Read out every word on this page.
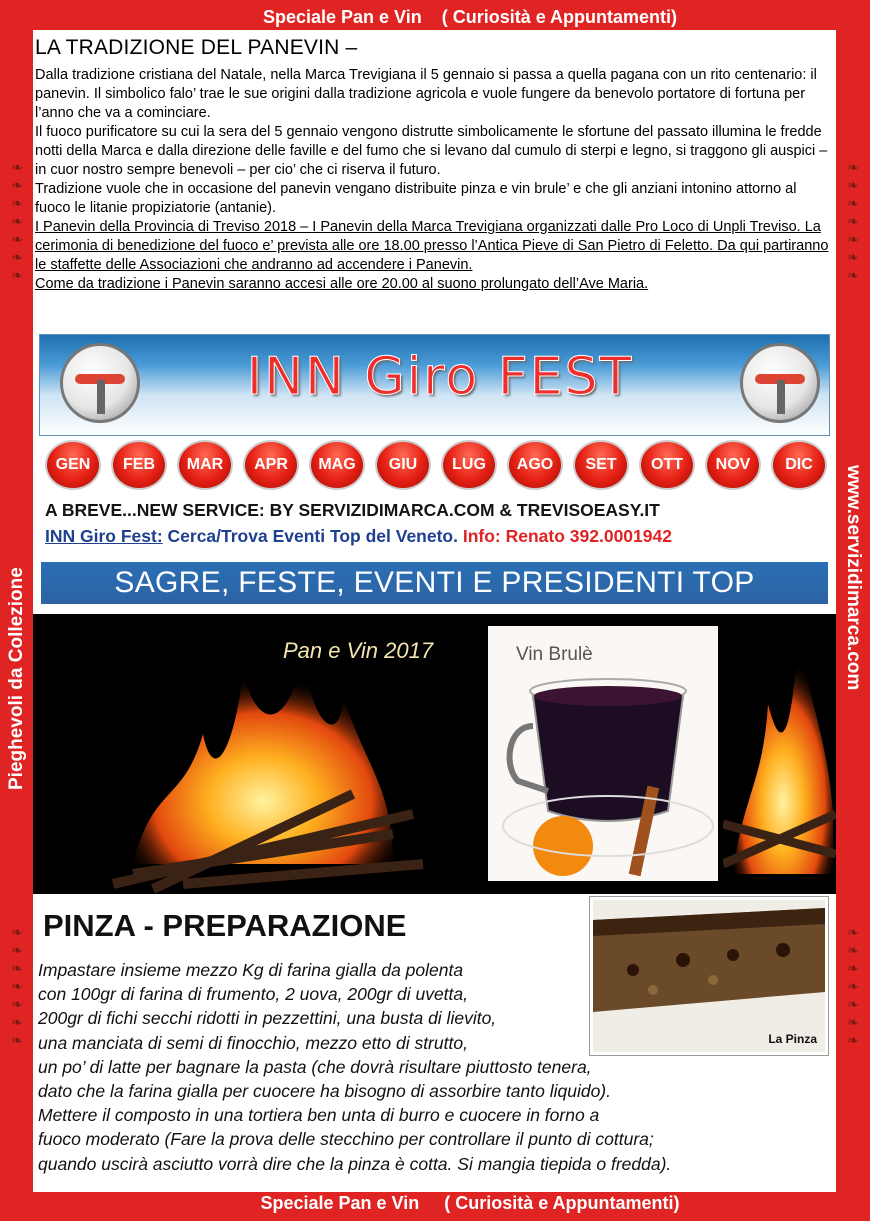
Speciale Pan e Vin    ( Curiosità e Appuntamenti)
Speciale Pan e Vin     ( Curiosità e Appuntamenti)
Pieghevoli da Collezione	www.servizidimarca.com
❧
❧
❧
❧
❧
❧
❧
❧
❧
❧
❧
❧
❧
❧
❧
❧
❧
❧
❧
❧
❧
❧
❧
❧
❧
❧
❧
❧
LA TRADIZIONE DEL PANEVIN –

Dalla tradizione cristiana del Natale, nella Marca Trevigiana il 5 gennaio si passa a quella pagana con un rito centenario: il panevin. Il simbolico falo’ trae le sue origini dalla tradizione agricola e vuole fungere da benevolo portatore di fortuna per l’anno che va a cominciare.

Il fuoco purificatore su cui la sera del 5 gennaio vengono distrutte simbolicamente le sfortune del passato illumina le fredde notti della Marca e dalla direzione delle faville e del fumo che si levano dal cumulo di sterpi e legno, si traggono gli auspici – in cuor nostro sempre benevoli – per cio’ che ci riserva il futuro.

Tradizione vuole che in occasione del panevin vengano distribuite pinza e vin brule’ e che gli anziani intonino attorno al fuoco le litanie propiziatorie (antanie).

I Panevin della Provincia di Treviso 2018 – I Panevin della Marca Trevigiana organizzati dalle Pro Loco di Unpli Treviso. La cerimonia di benedizione del fuoco e’ prevista alle ore 18.00 presso l’Antica Pieve di San Pietro di Feletto. Da qui partiranno le staffette delle Associazioni che andranno ad accendere i Panevin.

Come da tradizione i Panevin saranno accesi alle ore 20.00 al suono prolungato dell’Ave Maria.

INN Giro FEST
GEN	FEB	MAR	APR	MAG	GIU	LUG	AGO	SET	OTT	NOV	DIC
A BREVE...NEW SERVICE: BY SERVIZIDIMARCA.COM & TREVISOEASY.IT
INN Giro Fest: Cerca/Trova Eventi Top del Veneto. Info: Renato 392.0001942
SAGRE, FESTE, EVENTI E PRESIDENTI TOP
Pan e Vin 2017	Vin Brulè
La Pinza
PINZA - PREPARAZIONE
Impastare insieme mezzo Kg di farina gialla da polenta
con 100gr di farina di frumento, 2 uova, 200gr di uvetta,
200gr di fichi secchi ridotti in pezzettini, una busta di lievito,
una manciata di semi di finocchio, mezzo etto di strutto,
un po’ di latte per bagnare la pasta (che dovrà risultare piuttosto tenera,
dato che la farina gialla per cuocere ha bisogno di assorbire tanto liquido).
Mettere il composto in una tortiera ben unta di burro e cuocere in forno a
fuoco moderato (Fare la prova delle stecchino per controllare il punto di cottura;
quando uscirà asciutto vorrà dire che la pinza è cotta. Si mangia tiepida o fredda).
